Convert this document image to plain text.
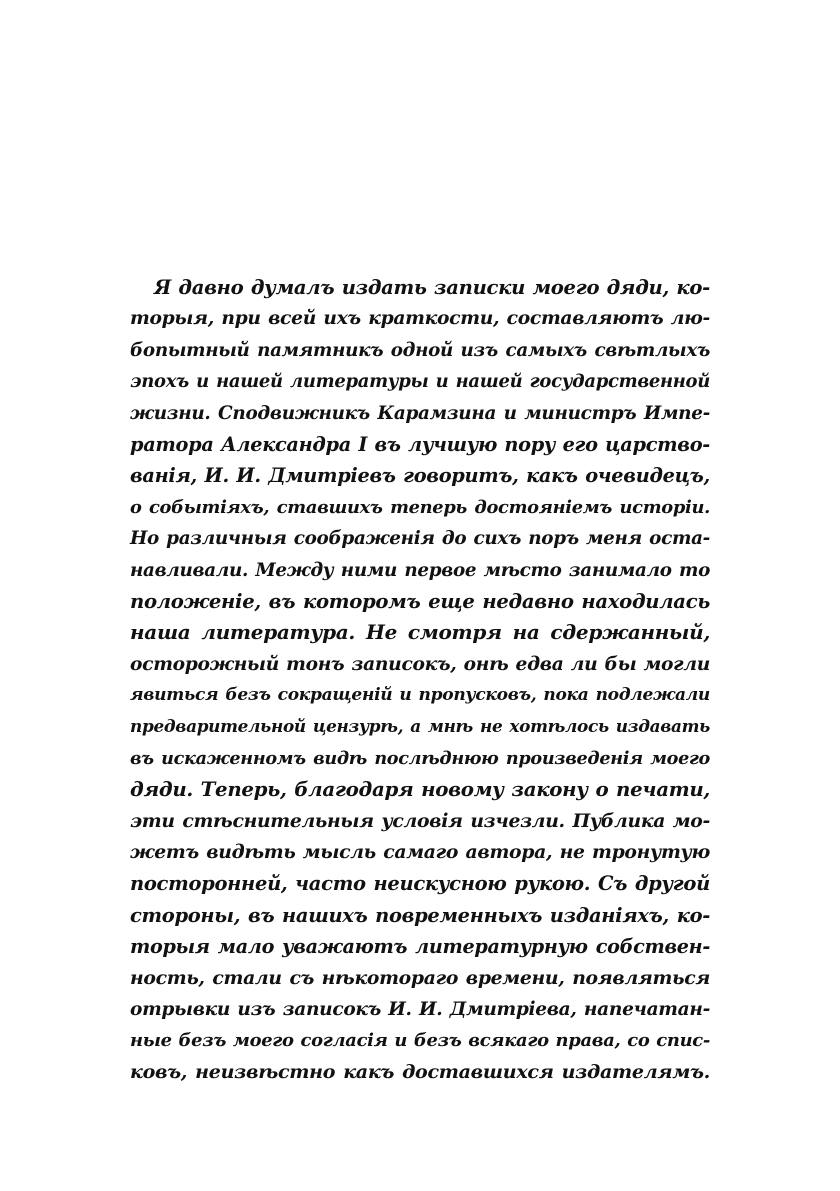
Я давно думалъ издать записки моего дяди, ко-
торыя, при всей ихъ краткости, составляютъ лю-
бопытный памятникъ одной изъ самыхъ свѣтлыхъ
эпохъ и нашей литературы и нашей государственной
жизни. Сподвижникъ Карамзина и министръ Импе-
ратора Александра I въ лучшую пору его царство-
ванія, И. И. Дмитріевъ говоритъ, какъ очевидецъ,
о событіяхъ, ставшихъ теперь достояніемъ исторіи.
Но различныя соображенія до сихъ поръ меня оста-
навливали. Между ними первое мѣсто занимало то
положеніе, въ которомъ еще недавно находилась
наша литература. Не смотря на сдержанный,
осторожный тонъ записокъ, онѣ едва ли бы могли
явиться безъ сокращеній и пропусковъ, пока подлежали
предварительной цензурѣ, а мнѣ не хотѣлось издавать
въ искаженномъ видѣ послѣднюю произведенія моего
дяди. Теперь, благодаря новому закону о печати,
эти стѣснительныя условія изчезли. Публика мо-
жетъ видѣть мысль самаго автора, не тронутую
посторонней, часто неискусною рукою. Съ другой
стороны, въ нашихъ повременныхъ изданіяхъ, ко-
торыя мало уважаютъ литературную собствен-
ность, стали съ нѣкотораго времени, появляться
отрывки изъ записокъ И. И. Дмитріева, напечатан-
ные безъ моего согласія и безъ всякаго права, со спис-
ковъ, неизвѣстно какъ доставшихся издателямъ.
